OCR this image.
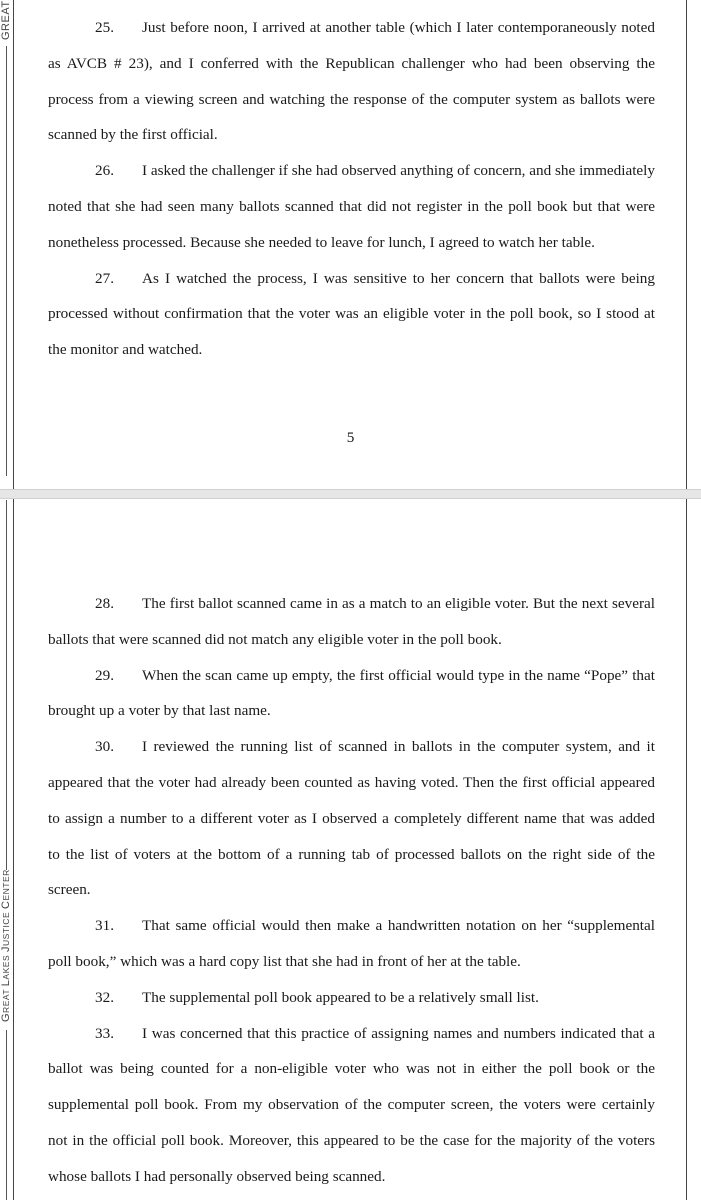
GREAT
GREAT LAKES JUSTICE CENTER
5
25. Just before noon, I arrived at another table (which I later contemporaneously noted
as AVCB # 23), and I conferred with the Republican challenger who had been observing the
process from a viewing screen and watching the response of the computer system as ballots were
scanned by the first official.
26. I asked the challenger if she had observed anything of concern, and she immediately
noted that she had seen many ballots scanned that did not register in the poll book but that were
nonetheless processed. Because she needed to leave for lunch, I agreed to watch her table.
27. As I watched the process, I was sensitive to her concern that ballots were being
processed without confirmation that the voter was an eligible voter in the poll book, so I stood at
the monitor and watched.
28. The first ballot scanned came in as a match to an eligible voter. But the next several
ballots that were scanned did not match any eligible voter in the poll book.
29. When the scan came up empty, the first official would type in the name “Pope” that
brought up a voter by that last name.
30. I reviewed the running list of scanned in ballots in the computer system, and it
appeared that the voter had already been counted as having voted. Then the first official appeared
to assign a number to a different voter as I observed a completely different name that was added
to the list of voters at the bottom of a running tab of processed ballots on the right side of the
screen.
31. That same official would then make a handwritten notation on her “supplemental
poll book,” which was a hard copy list that she had in front of her at the table.
32. The supplemental poll book appeared to be a relatively small list.
33. I was concerned that this practice of assigning names and numbers indicated that a
ballot was being counted for a non-eligible voter who was not in either the poll book or the
supplemental poll book. From my observation of the computer screen, the voters were certainly
not in the official poll book. Moreover, this appeared to be the case for the majority of the voters
whose ballots I had personally observed being scanned.
